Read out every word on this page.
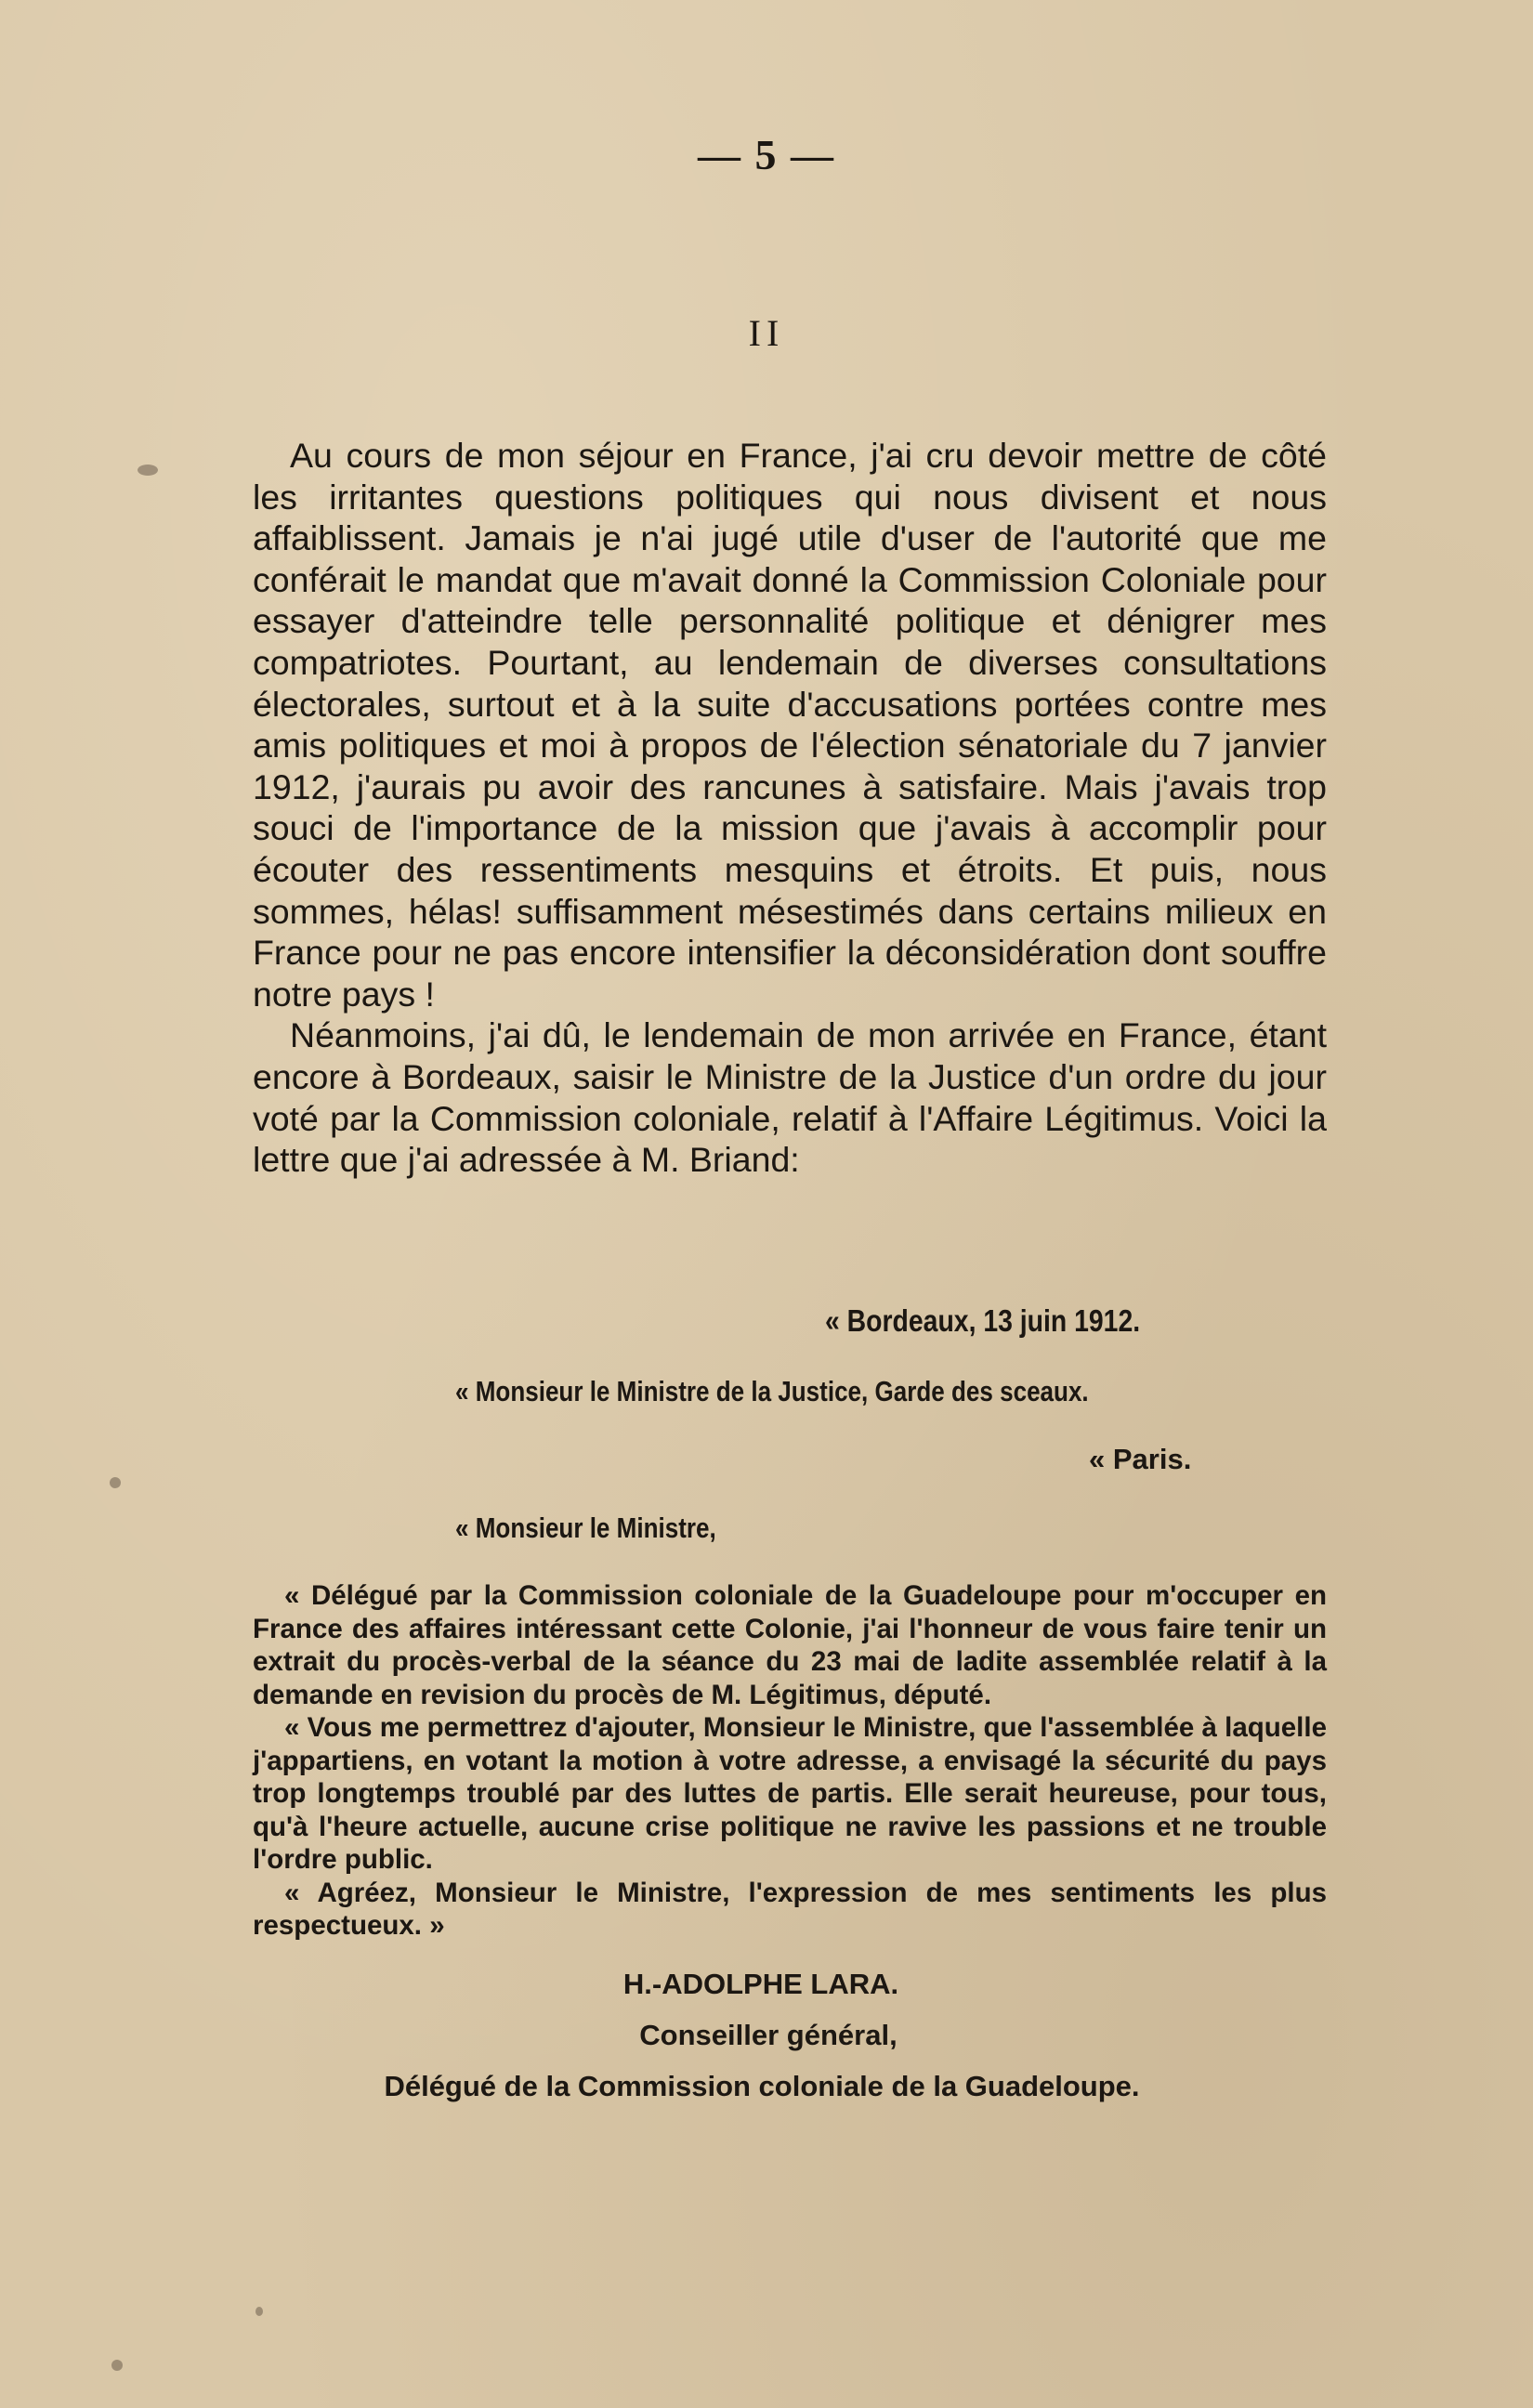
— 5 —
II

Au cours de mon séjour en France, j'ai cru devoir mettre de côté les irritantes questions politiques qui nous divisent et nous affaiblissent. Jamais je n'ai jugé utile d'user de l'autorité que me conférait le mandat que m'avait donné la Commission Coloniale pour essayer d'atteindre telle personnalité politique et dénigrer mes compatriotes. Pourtant, au lendemain de diverses consultations électorales, surtout et à la suite d'accusations portées contre mes amis politiques et moi à propos de l'élection sénatoriale du 7 janvier 1912, j'aurais pu avoir des rancunes à satisfaire. Mais j'avais trop souci de l'importance de la mission que j'avais à accomplir pour écouter des ressentiments mesquins et étroits. Et puis, nous sommes, hélas! suffisamment mésestimés dans certains milieux en France pour ne pas encore intensifier la déconsidération dont souffre notre pays !

Néanmoins, j'ai dû, le lendemain de mon arrivée en France, étant encore à Bordeaux, saisir le Ministre de la Justice d'un ordre du jour voté par la Commission coloniale, relatif à l'Affaire Légitimus. Voici la lettre que j'ai adressée à M. Briand:

« Bordeaux, 13 juin 1912.
« Monsieur le Ministre de la Justice, Garde des sceaux.
« Paris.
« Monsieur le Ministre,

« Délégué par la Commission coloniale de la Guadeloupe pour m'occuper en France des affaires intéressant cette Colonie, j'ai l'honneur de vous faire tenir un extrait du procès-verbal de la séance du 23 mai de ladite assemblée relatif à la demande en revision du procès de M. Légitimus, député.

« Vous me permettrez d'ajouter, Monsieur le Ministre, que l'assemblée à laquelle j'appartiens, en votant la motion à votre adresse, a envisagé la sécurité du pays trop longtemps troublé par des luttes de partis. Elle serait heureuse, pour tous, qu'à l'heure actuelle, aucune crise politique ne ravive les passions et ne trouble l'ordre public.

« Agréez, Monsieur le Ministre, l'expression de mes sentiments les plus respectueux. »

H.-ADOLPHE LARA.
Conseiller général,
Délégué de la Commission coloniale de la Guadeloupe.
